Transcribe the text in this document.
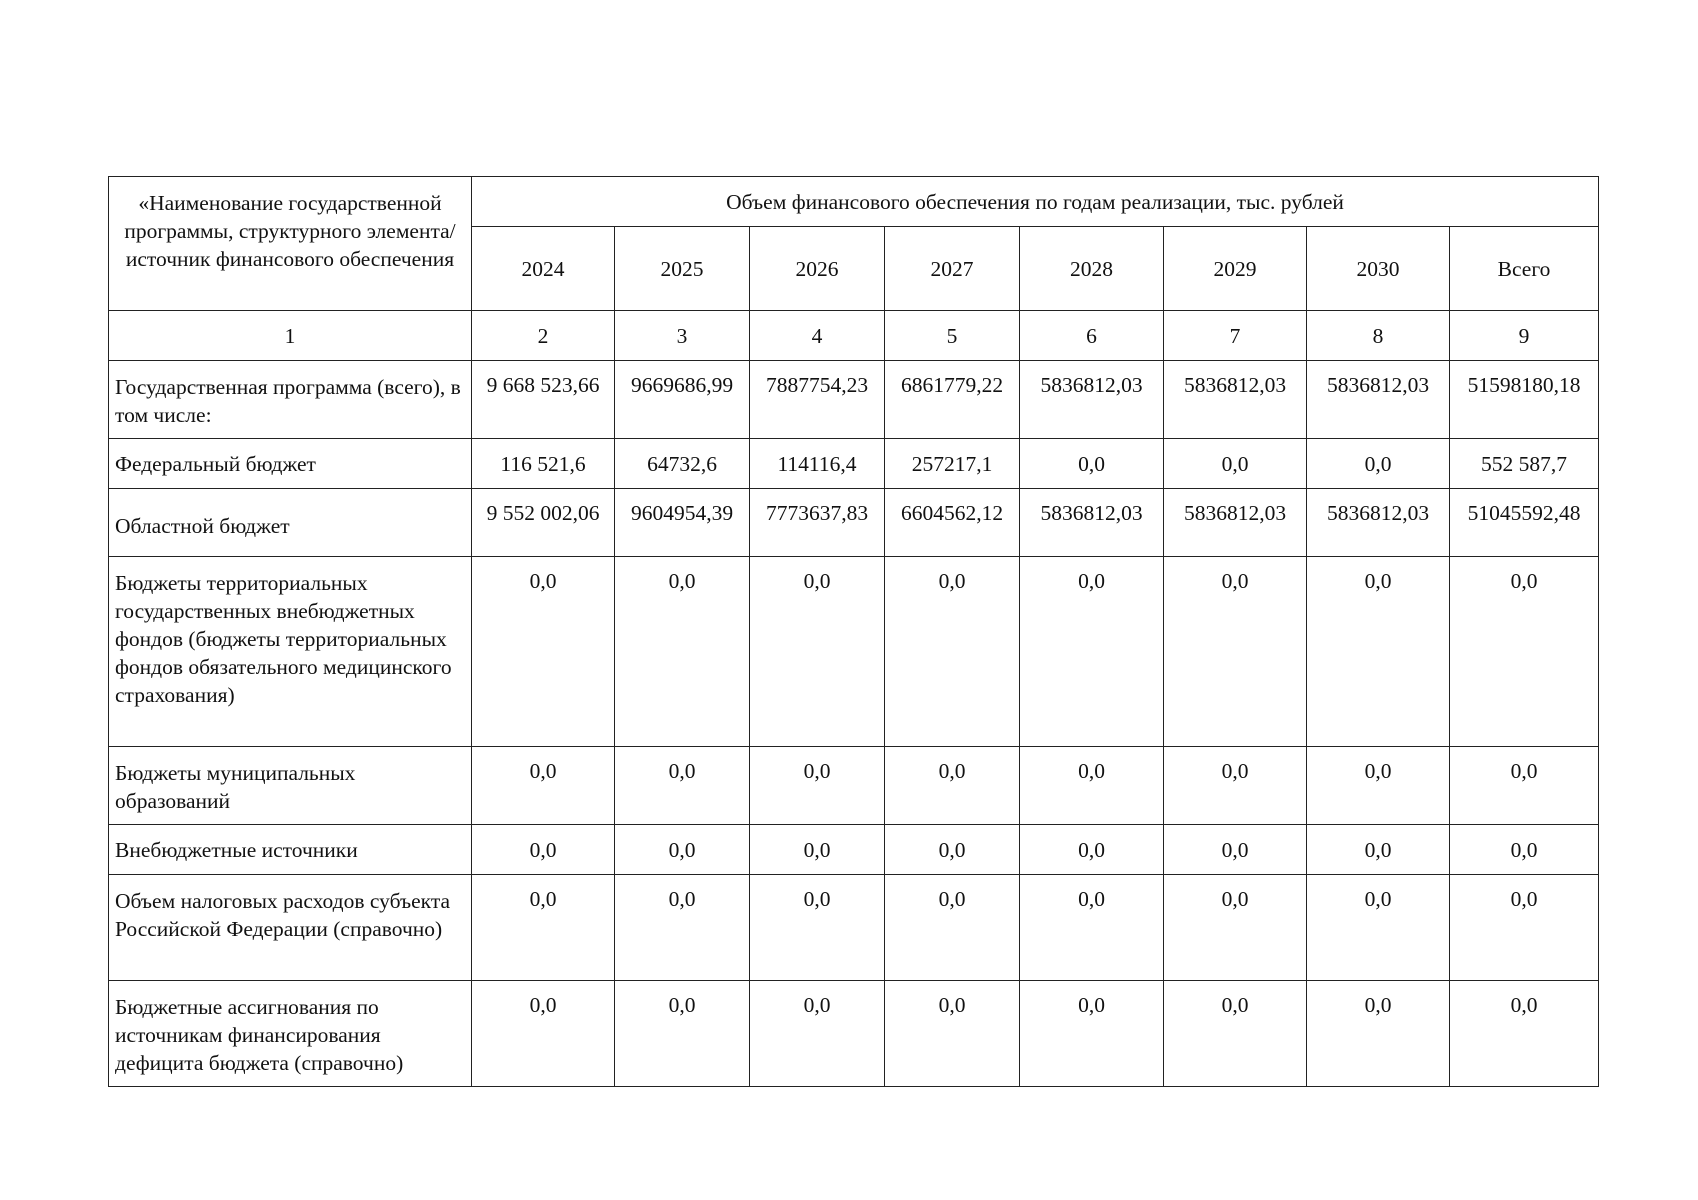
«Наименование государственной программы, структурного элемента/источник финансового обеспечения	Объем финансового обеспечения по годам реализации, тыс. рублей							
	2024	2025	2026	2027	2028	2029	2030	Всего
1	2	3	4	5	6	7	8	9
Государственная программа (всего), в том числе:	9 668 523,66	9669686,99	7887754,23	6861779,22	5836812,03	5836812,03	5836812,03	51598180,18
Федеральный бюджет	116 521,6	64732,6	114116,4	257217,1	0,0	0,0	0,0	552 587,7
Областной бюджет	9 552 002,06	9604954,39	7773637,83	6604562,12	5836812,03	5836812,03	5836812,03	51045592,48
Бюджеты территориальных государственных внебюджетных фондов (бюджеты территориальных фондов обязательного медицинского страхования)	0,0	0,0	0,0	0,0	0,0	0,0	0,0	0,0
Бюджеты муниципальных образований	0,0	0,0	0,0	0,0	0,0	0,0	0,0	0,0
Внебюджетные источники	0,0	0,0	0,0	0,0	0,0	0,0	0,0	0,0
Объем налоговых расходов субъекта Российской Федерации (справочно)	0,0	0,0	0,0	0,0	0,0	0,0	0,0	0,0
Бюджетные ассигнования по источникам финансирования дефицита бюджета (справочно)	0,0	0,0	0,0	0,0	0,0	0,0	0,0	0,0
